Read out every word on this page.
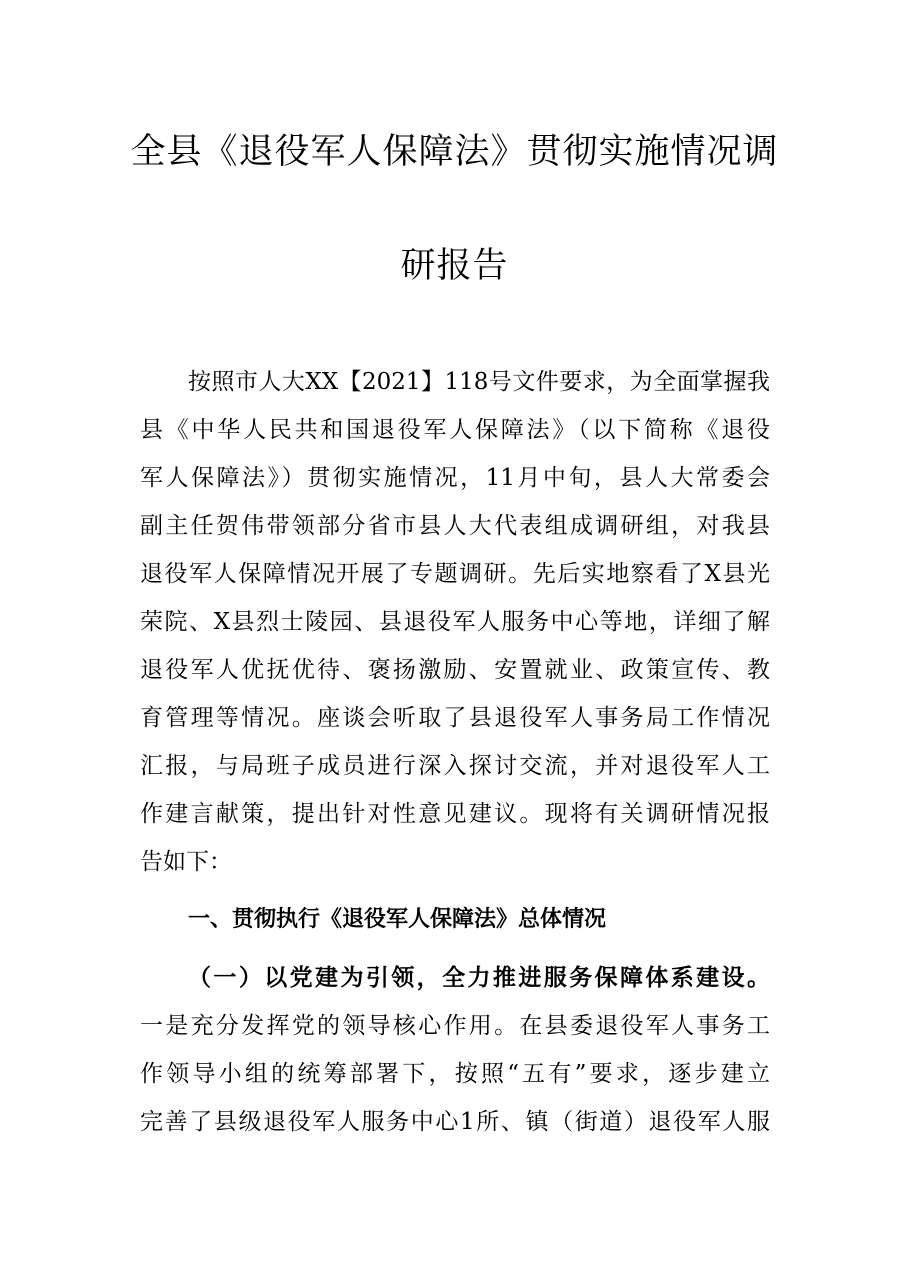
全县《退役军人保障法》贯彻实施情况调
研报告
按照市人大XX【2021】118号文件要求，为全面掌握我
县《中华人民共和国退役军人保障法》（以下简称《退役
军人保障法》）贯彻实施情况，11月中旬，县人大常委会
副主任贺伟带领部分省市县人大代表组成调研组，对我县
退役军人保障情况开展了专题调研。先后实地察看了X县光
荣院、X县烈士陵园、县退役军人服务中心等地，详细了解
退役军人优抚优待、褒扬激励、安置就业、政策宣传、教
育管理等情况。座谈会听取了县退役军人事务局工作情况
汇报，与局班子成员进行深入探讨交流，并对退役军人工
作建言献策，提出针对性意见建议。现将有关调研情况报
告如下：
一、贯彻执行《退役军人保障法》总体情况
（一）以党建为引领，全力推进服务保障体系建设。
一是充分发挥党的领导核心作用。在县委退役军人事务工
作领导小组的统筹部署下，按照“五有”要求，逐步建立
完善了县级退役军人服务中心1所、镇（街道）退役军人服
